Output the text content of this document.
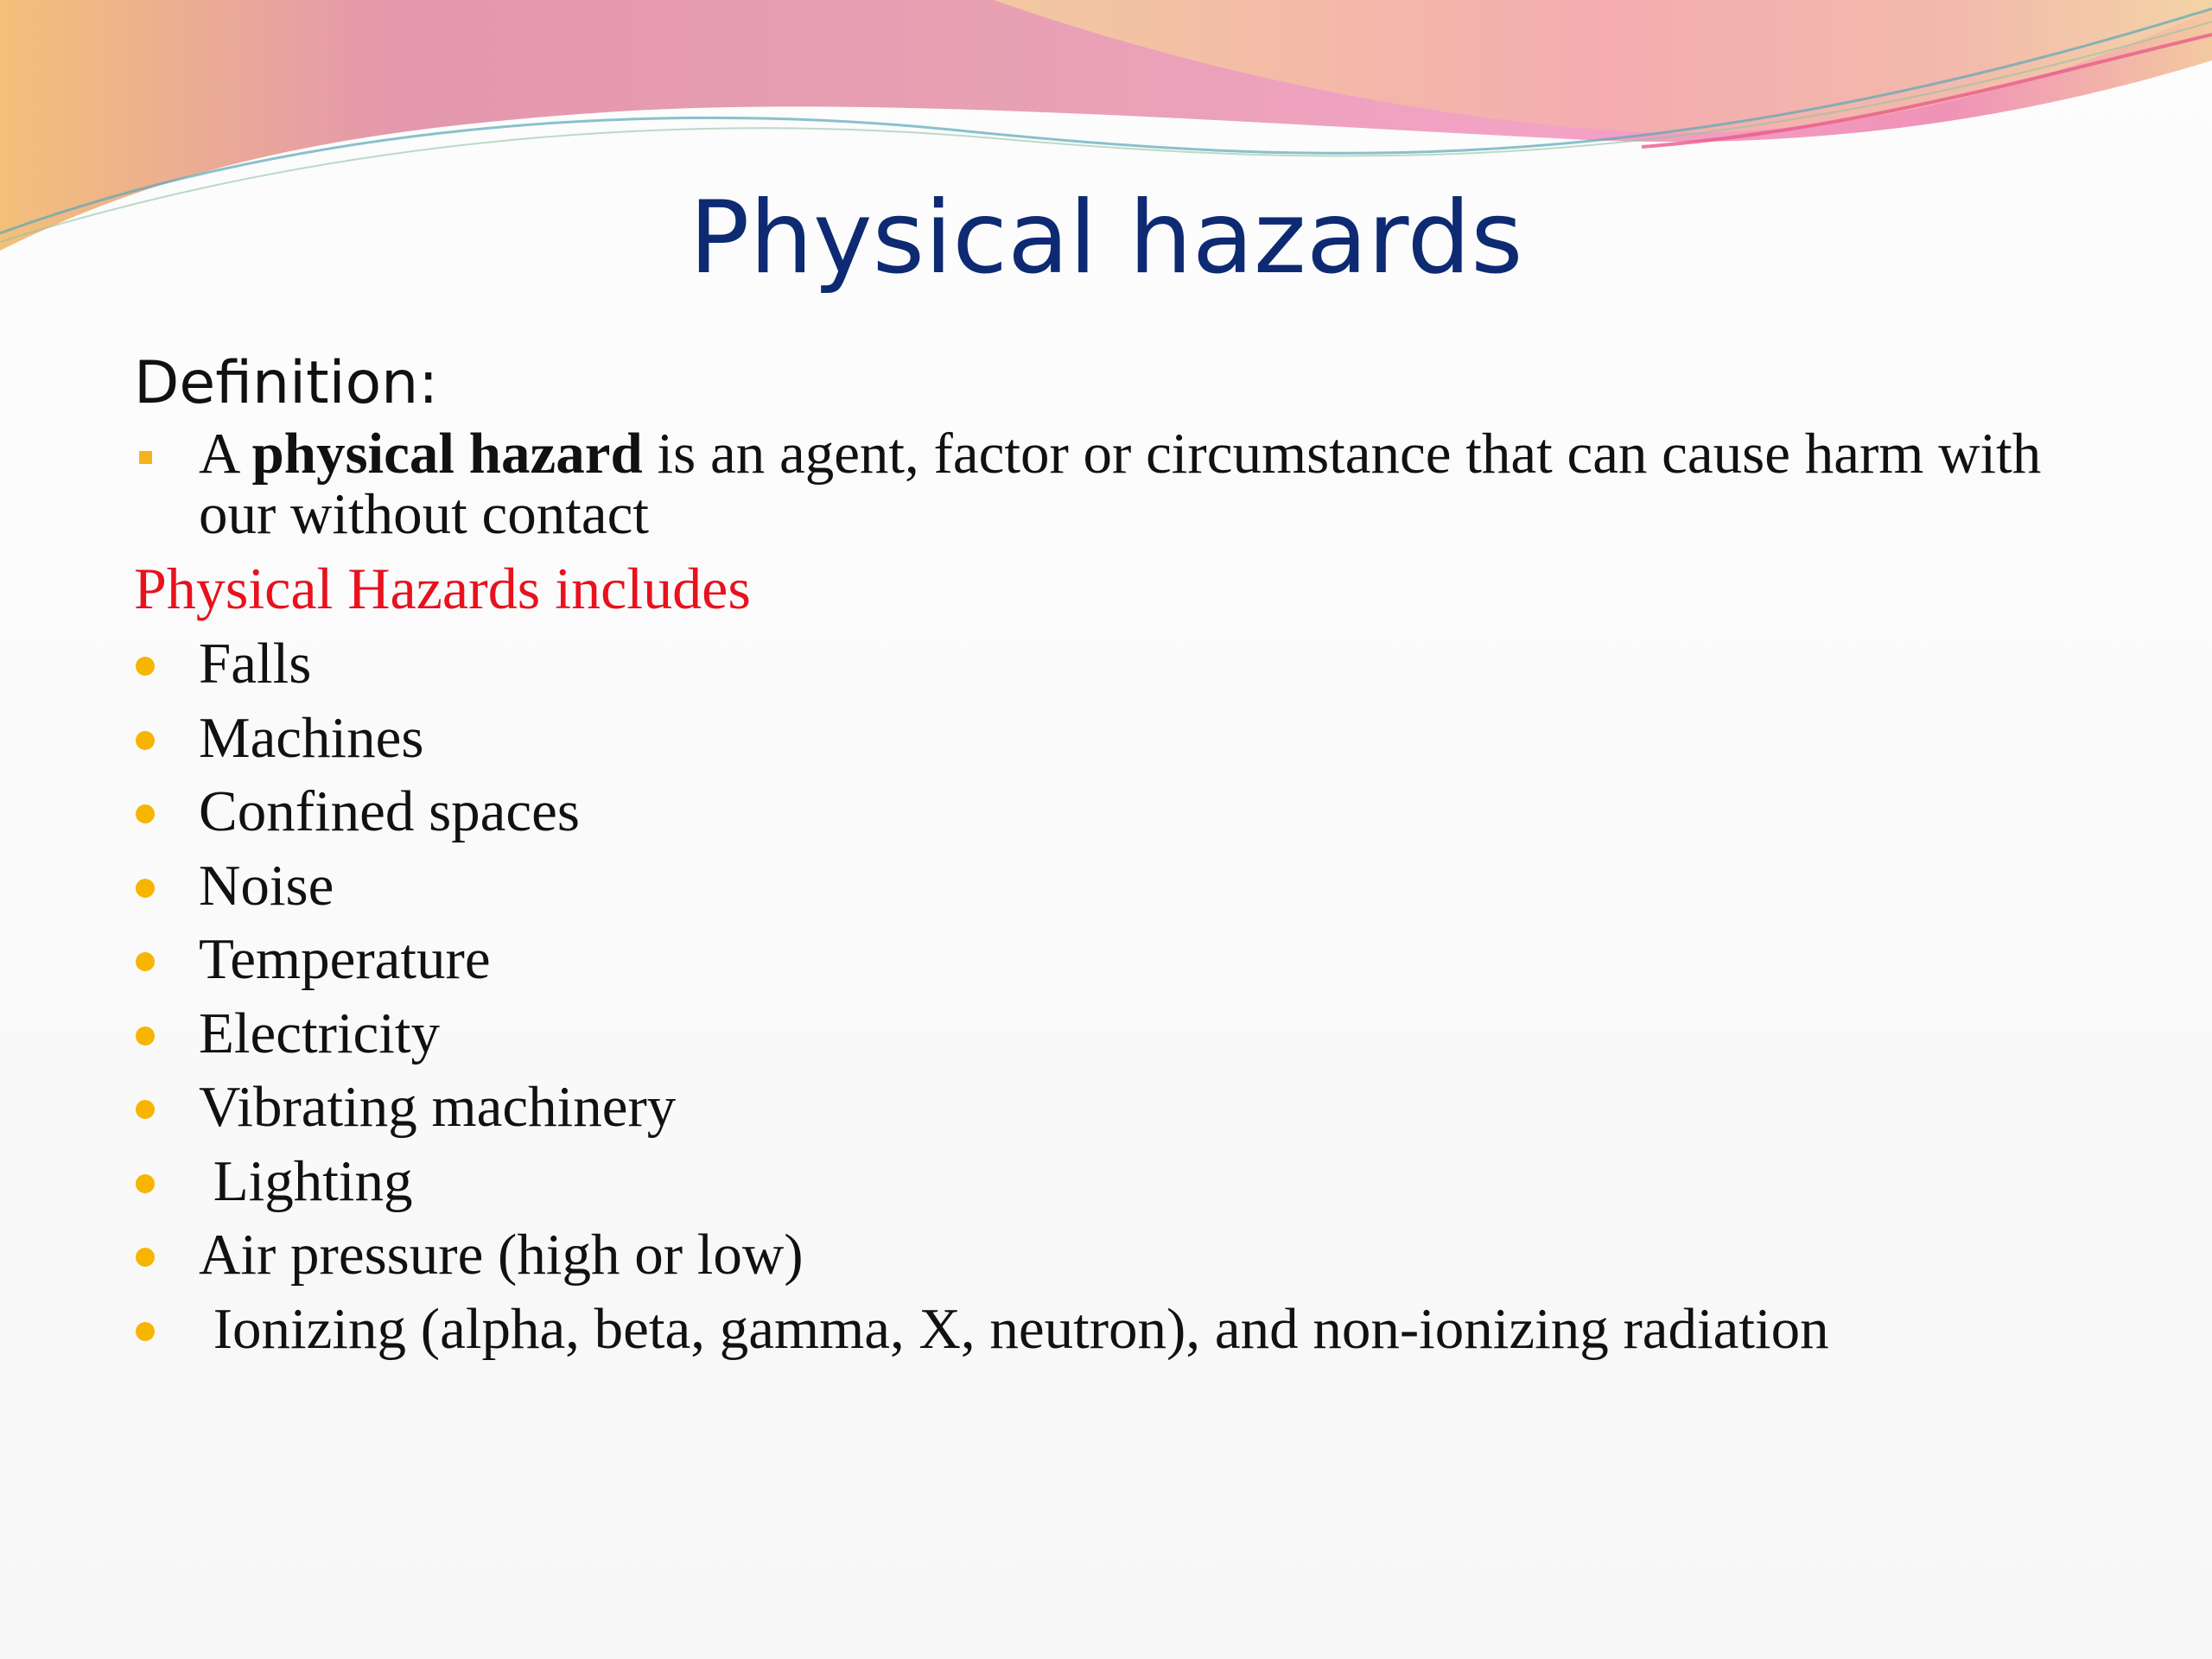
Physical hazards
Definition:
A physical hazard is an agent, factor or circumstance that can cause harm with our without contact
Physical Hazards includes
Falls
Machines
Confined spaces
Noise
Temperature
Electricity
Vibrating machinery
Lighting
Air pressure (high or low)
Ionizing (alpha, beta, gamma, X, neutron), and non-ionizing radiation
